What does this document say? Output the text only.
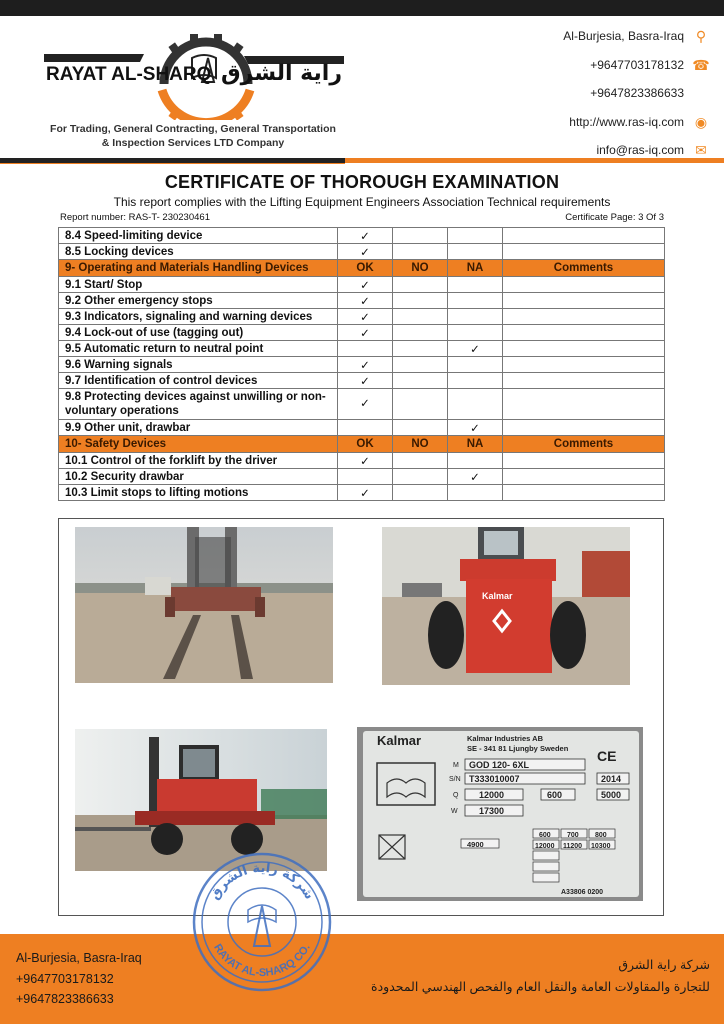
RAYAT AL-SHARQ راية الشرق
For Trading, General Contracting, General Transportation
& Inspection Services LTD Company
Al-Burjesia, Basra-Iraq ⚲
+9647703178132 ☎
+9647823386633
http://www.ras-iq.com ◉
info@ras-iq.com ✉
CERTIFICATE OF THOROUGH EXAMINATION
This report complies with the Lifting Equipment Engineers Association Technical requirements
Report number: RAS-T- 230230461	Certificate Page: 3 Of 3
8.4 Speed-limiting device	✓			
8.5 Locking devices	✓			
9- Operating and Materials Handling Devices	OK	NO	NA	Comments
9.1 Start/ Stop	✓			
9.2 Other emergency stops	✓			
9.3 Indicators, signaling and warning devices	✓			
9.4 Lock-out of use (tagging out)	✓			
9.5 Automatic return to neutral point			✓	
9.6 Warning signals	✓			
9.7 Identification of control devices	✓			
9.8 Protecting devices against unwilling or non-voluntary operations	✓			
9.9 Other unit, drawbar			✓	
10- Safety Devices	OK	NO	NA	Comments
10.1 Control of the forklift by the driver	✓			
10.2 Security drawbar			✓	
10.3 Limit stops to lifting motions	✓			
Kalmar
Kalmar	Kalmar Industries AB
SE - 341 81 Ljungby Sweden CE
M GOD 120- 6XL
S/N T333010007	2014
Q 12000	600	5000
W 17300
4900
600 700 800
12000 11200 10300
A33806 0200
Al-Burjesia, Basra-Iraq
+9647703178132
+9647823386633
شركة راية الشرق
للتجارة والمقاولات العامة والنقل العام والفحص الهندسي المحدودة
شركة راية الشرق
RAYAT AL-SHARQ CO.
